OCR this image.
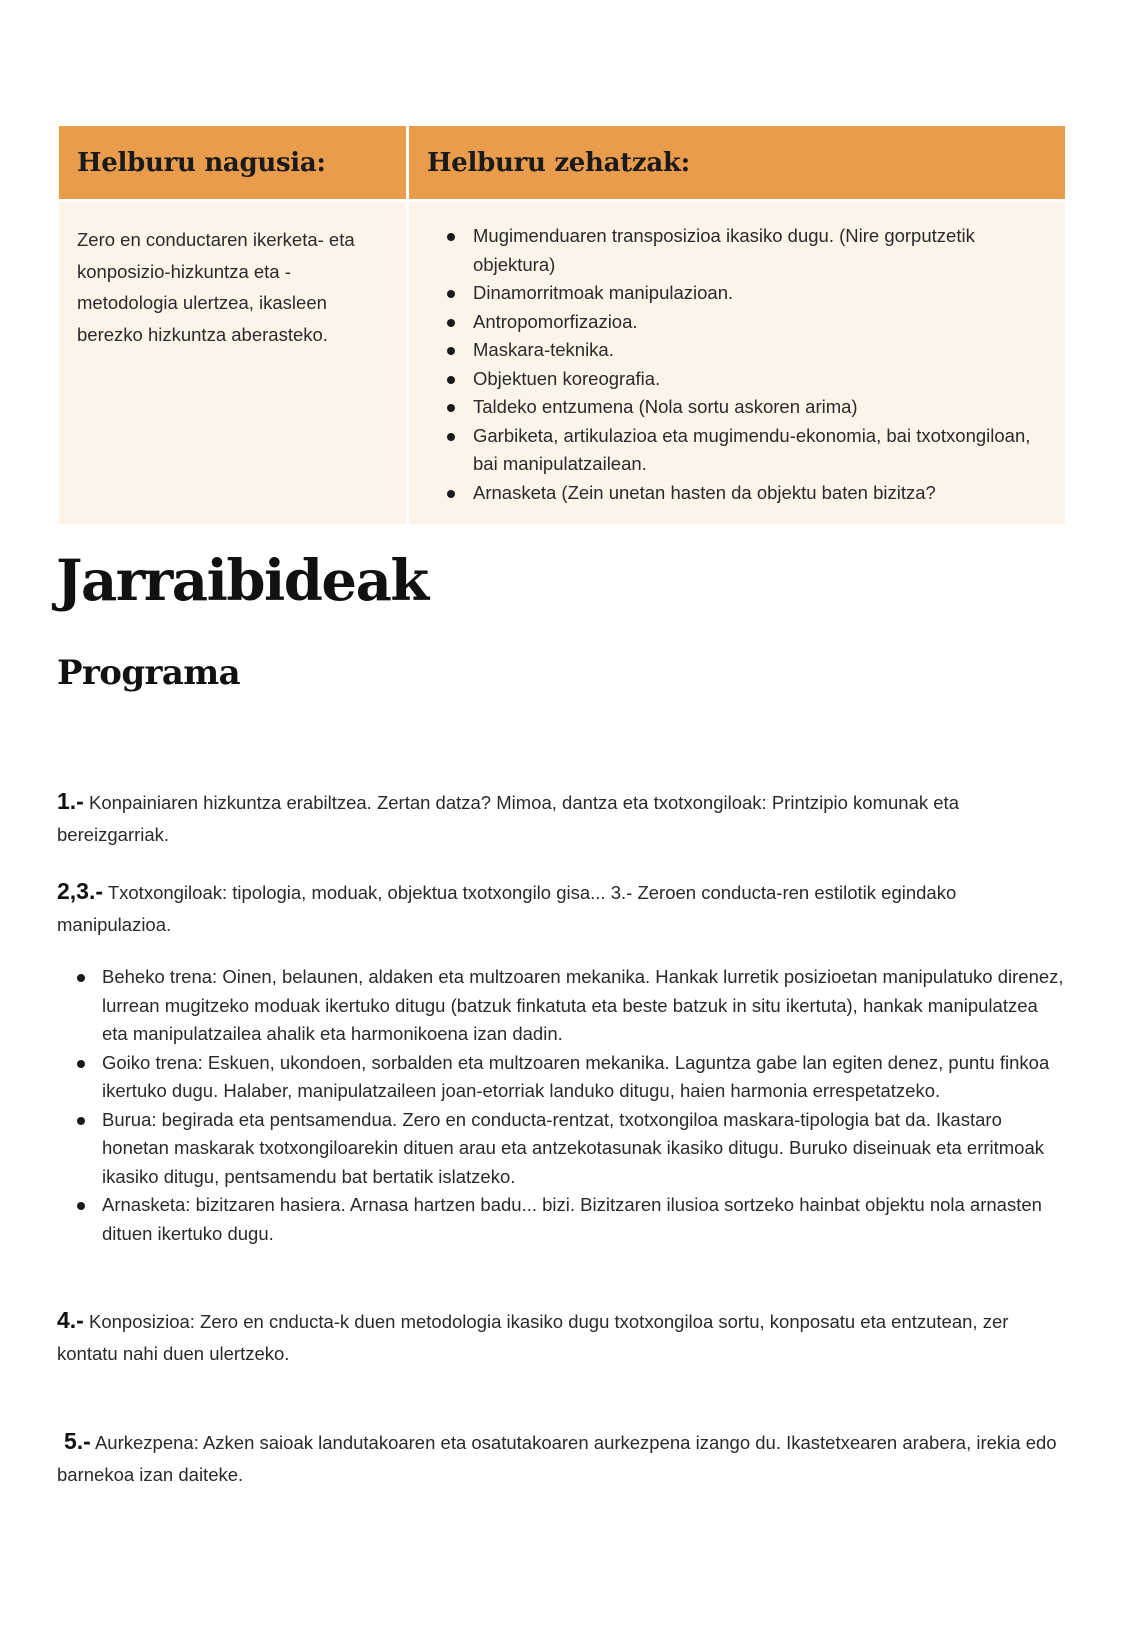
Helburu nagusia:	Helburu zehatzak:

Zero en conductaren ikerketa- eta konposizio-hizkuntza eta -metodologia ulertzea, ikasleen berezko hizkuntza aberasteko.

Mugimenduaren transposizioa ikasiko dugu. (Nire gorputzetik objektura)
Dinamorritmoak manipulazioan.
Antropomorfizazioa.
Maskara-teknika.
Objektuen koreografia.
Taldeko entzumena (Nola sortu askoren arima)
Garbiketa, artikulazioa eta mugimendu-ekonomia, bai txotxongiloan, bai manipulatzailean.
Arnasketa (Zein unetan hasten da objektu baten bizitza?
Jarraibideak
Programa

1.- Konpainiaren hizkuntza erabiltzea. Zertan datza? Mimoa, dantza eta txotxongiloak: Printzipio komunak eta bereizgarriak.

2,3.- Txotxongiloak: tipologia, moduak, objektua txotxongilo gisa... 3.- Zeroen conducta-ren estilotik egindako manipulazioa.

Beheko trena: Oinen, belaunen, aldaken eta multzoaren mekanika. Hankak lurretik posizioetan manipulatuko direnez, lurrean mugitzeko moduak ikertuko ditugu (batzuk finkatuta eta beste batzuk in situ ikertuta), hankak manipulatzea eta manipulatzailea ahalik eta harmonikoena izan dadin.
Goiko trena: Eskuen, ukondoen, sorbalden eta multzoaren mekanika. Laguntza gabe lan egiten denez, puntu finkoa ikertuko dugu. Halaber, manipulatzaileen joan-etorriak landuko ditugu, haien harmonia errespetatzeko.
Burua: begirada eta pentsamendua. Zero en conducta-rentzat, txotxongiloa maskara-tipologia bat da. Ikastaro honetan maskarak txotxongiloarekin dituen arau eta antzekotasunak ikasiko ditugu. Buruko diseinuak eta erritmoak ikasiko ditugu, pentsamendu bat bertatik islatzeko.
Arnasketa: bizitzaren hasiera. Arnasa hartzen badu... bizi. Bizitzaren ilusioa sortzeko hainbat objektu nola arnasten dituen ikertuko dugu.

4.- Konposizioa: Zero en cnducta-k duen metodologia ikasiko dugu txotxongiloa sortu, konposatu eta entzutean, zer kontatu nahi duen ulertzeko.

5.- Aurkezpena: Azken saioak landutakoaren eta osatutakoaren aurkezpena izango du. Ikastetxearen arabera, irekia edo barnekoa izan daiteke.
